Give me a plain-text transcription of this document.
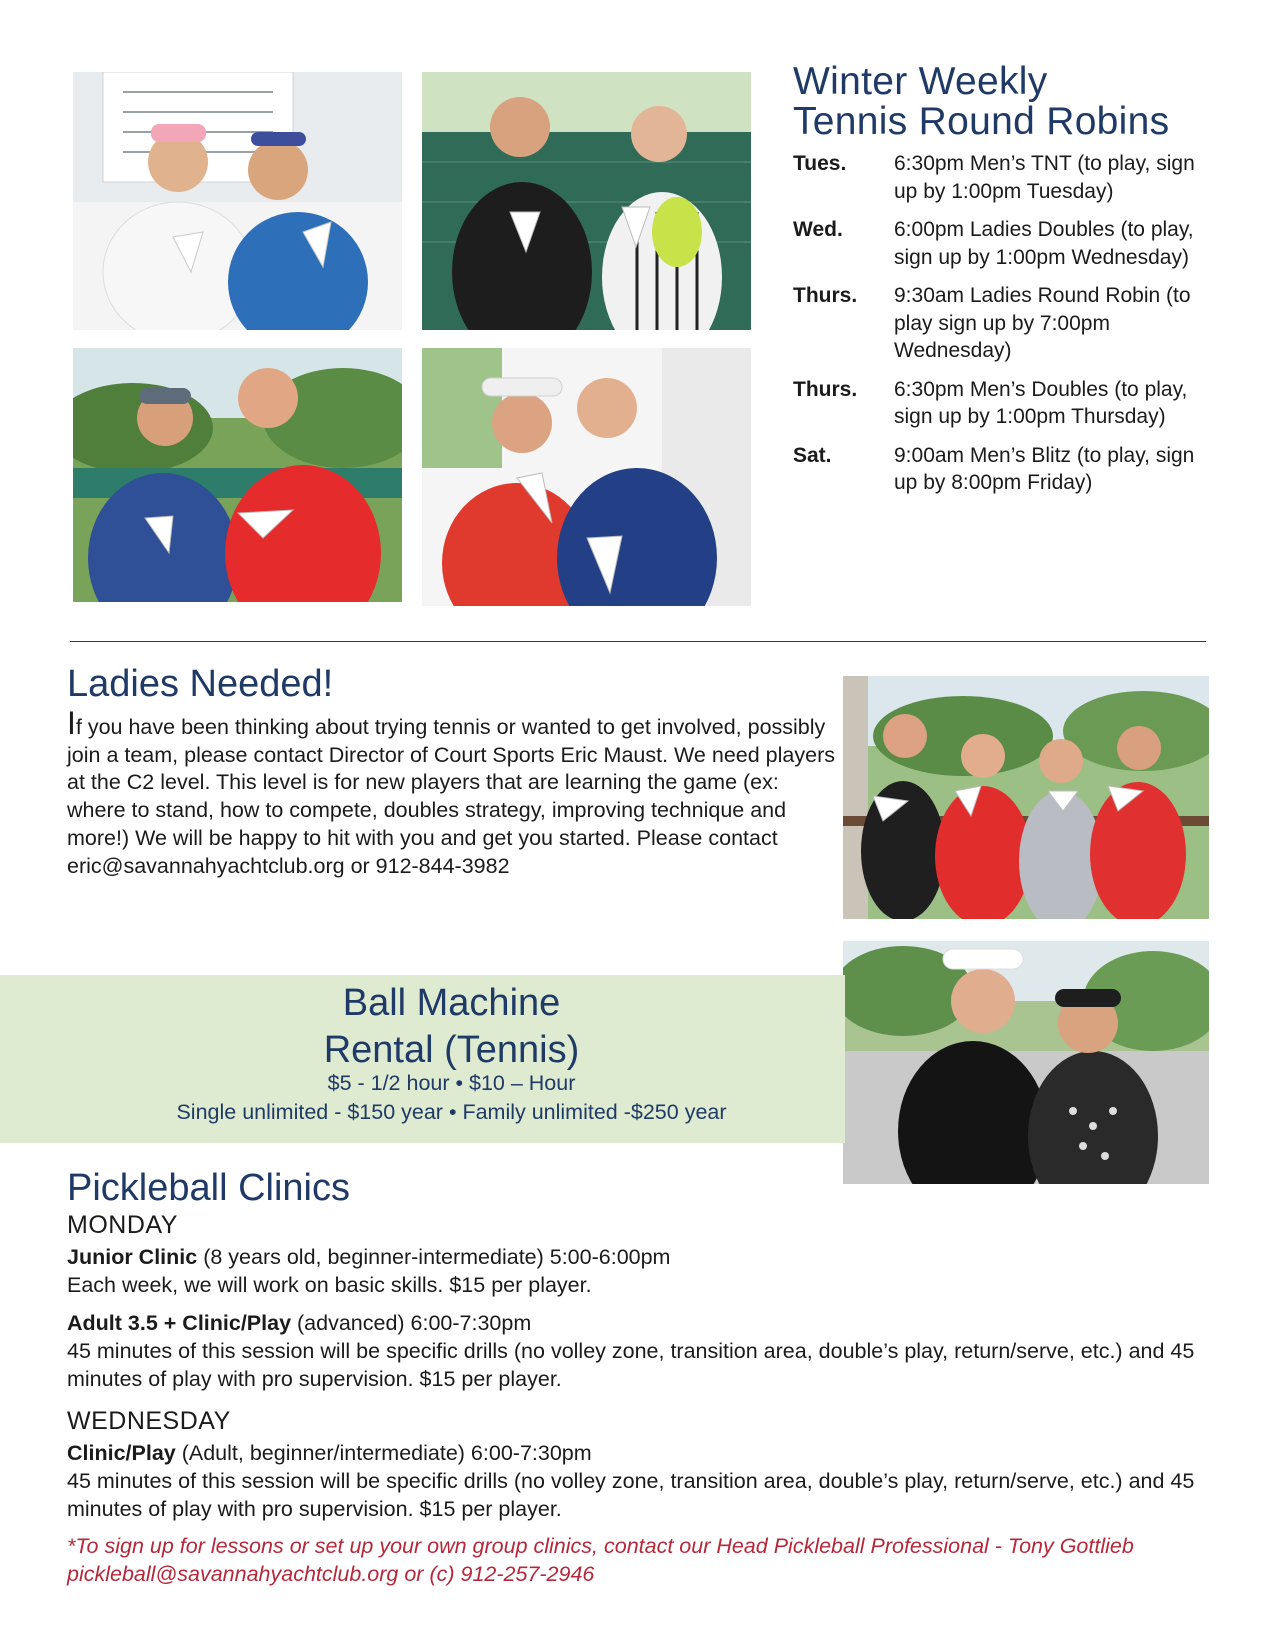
Winter Weekly
Tennis Round Robins
Tues.	6:30pm Men’s TNT (to play, sign up by 1:00pm Tuesday)
Wed.	6:00pm Ladies Doubles (to play, sign up by 1:00pm Wednesday)
Thurs.	9:30am Ladies Round Robin (to play sign up by 7:00pm Wednesday)
Thurs.	6:30pm Men’s Doubles (to play, sign up by 1:00pm Thursday)
Sat.	9:00am Men’s Blitz (to play, sign up by 8:00pm Friday)
Ladies Needed!
If you have been thinking about trying tennis or wanted to get involved, possibly join a team, please contact Director of Court Sports Eric Maust. We need players at the C2 level. This level is for new players that are learning the game (ex: where to stand, how to compete, doubles strategy, improving technique and more!) We will be happy to hit with you and get you started. Please contact eric@savannahyachtclub.org or 912-844-3982
Ball Machine
Rental (Tennis)
$5 - 1/2 hour • $10 – Hour
Single unlimited - $150 year • Family unlimited -$250 year
Pickleball Clinics
MONDAY
Junior Clinic (8 years old, beginner-intermediate) 5:00-6:00pm
Each week, we will work on basic skills. $15 per player.
Adult 3.5 + Clinic/Play (advanced) 6:00-7:30pm
45 minutes of this session will be specific drills (no volley zone, transition area, double’s play, return/serve, etc.) and 45 minutes of play with pro supervision. $15 per player.
WEDNESDAY
Clinic/Play (Adult, beginner/intermediate) 6:00-7:30pm
45 minutes of this session will be specific drills (no volley zone, transition area, double’s play, return/serve, etc.) and 45 minutes of play with pro supervision. $15 per player.
*To sign up for lessons or set up your own group clinics, contact our Head Pickleball Professional - Tony Gottlieb pickleball@savannahyachtclub.org or (c) 912-257-2946
